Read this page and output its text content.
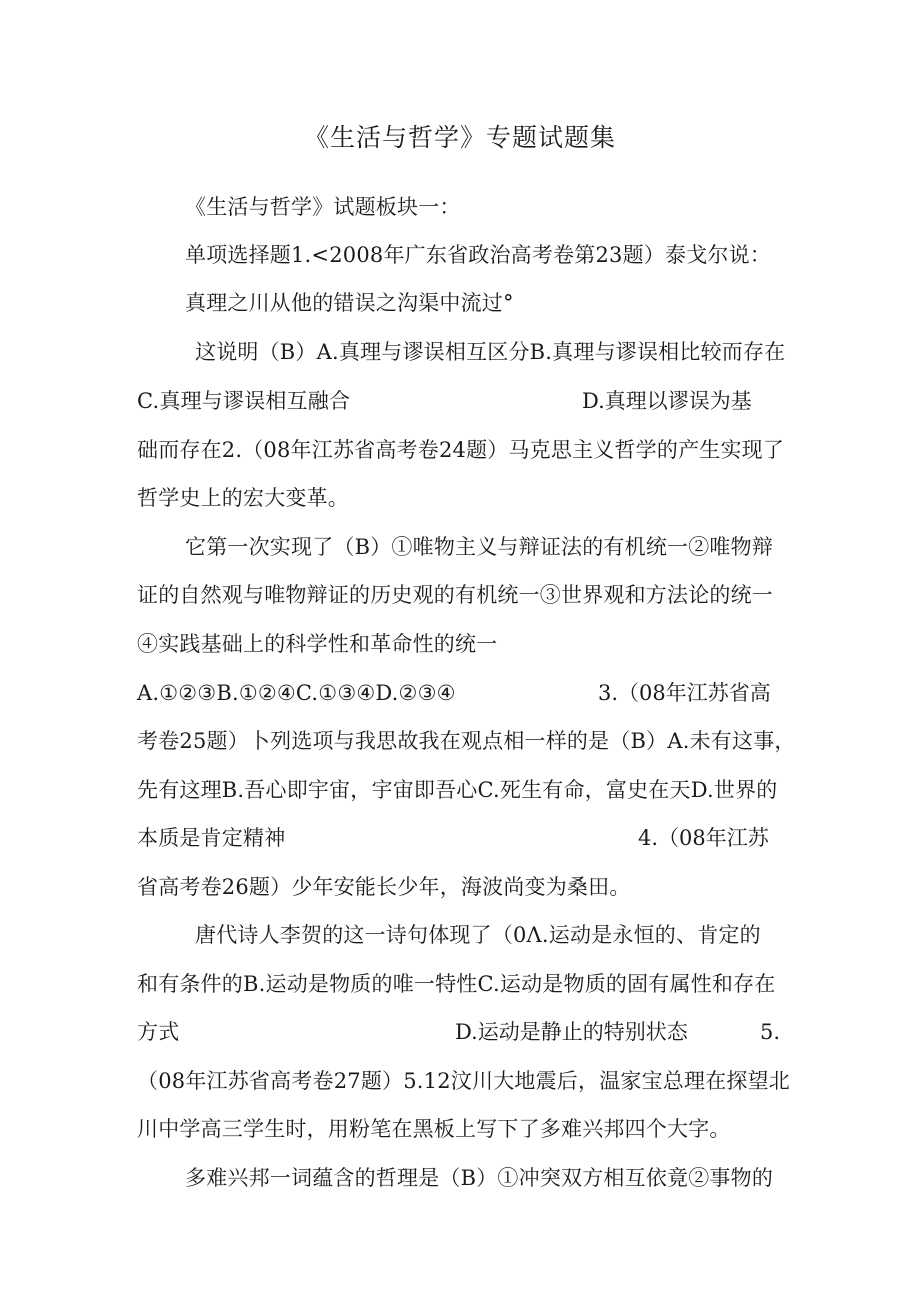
《生活与哲学》专题试题集
《生活与哲学》试题板块一：
单项选择题1.<2008年广东省政治高考卷第23题）泰戈尔说：
真理之川从他的错误之沟渠中流过°
这说明（B）A.真理与谬误相互区分B.真理与谬误相比较而存在
C.真理与谬误相互融合	D.真理以谬误为基
础而存在2.（08年江苏省高考卷24题）马克思主义哲学的产生实现了
哲学史上的宏大变革。
它第一次实现了（B）①唯物主义与辩证法的有机统一②唯物辩
证的自然观与唯物辩证的历史观的有机统一③世界观和方法论的统一
④实践基础上的科学性和革命性的统一
A.①②③B.①②④C.①③④D.②③④	3.（08年江苏省高
考卷25题）卜列选项与我思故我在观点相一样的是（B）A.未有这事，
先有这理B.吾心即宇宙，宇宙即吾心C.死生有命，富史在天D.世界的
本质是肯定精神	4.（08年江苏
省高考卷26题）少年安能长少年，海波尚变为桑田。
唐代诗人李贺的这一诗句体现了（0Λ.运动是永恒的、肯定的
和有条件的B.运动是物质的唯一特性C.运动是物质的固有属性和存在
方式	D.运动是静止的特别状态	5.
（08年江苏省高考卷27题）5.12汶川大地震后，温家宝总理在探望北
川中学高三学生时，用粉笔在黑板上写下了多难兴邦四个大字。
多难兴邦一词蕴含的哲理是（B）①冲突双方相互依竟②事物的
